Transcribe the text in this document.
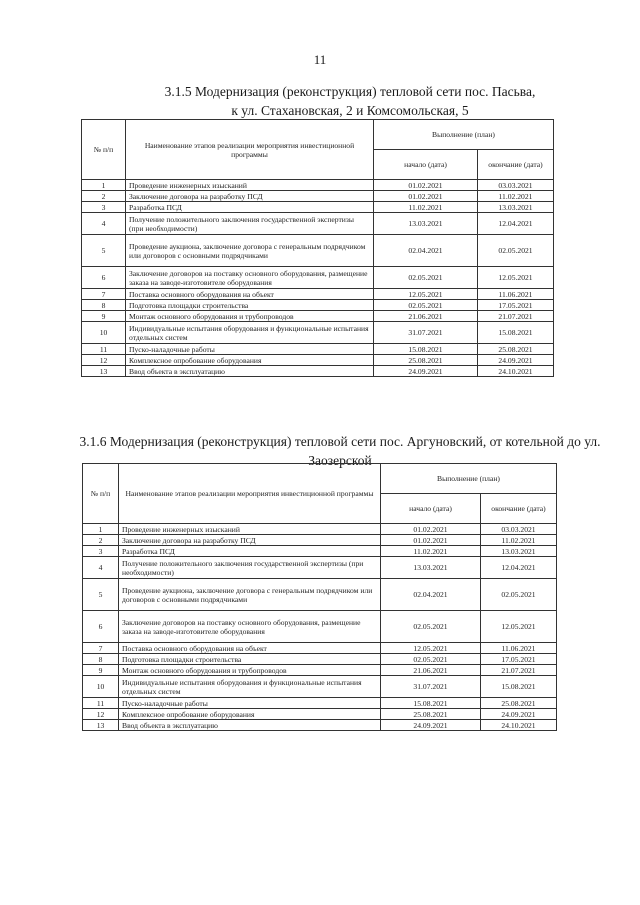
11
3.1.5 Модернизация (реконструкция) тепловой сети пос. Пасьва,
к ул. Стахановская, 2 и Комсомольская, 5
№ п/п	Наименование этапов реализации мероприятия инвестиционной программы	Выполнение (план)	
		начало (дата)	окончание (дата)
1	Проведение инженерных изысканий	01.02.2021	03.03.2021
2	Заключение договора на разработку ПСД	01.02.2021	11.02.2021
3	Разработка ПСД	11.02.2021	13.03.2021
4	Получение положительного заключения государственной экспертизы (при необходимости)	13.03.2021	12.04.2021
5	Проведение аукциона, заключение договора с генеральным подрядчиком или договоров с основными подрядчиками	02.04.2021	02.05.2021
6	Заключение договоров на поставку основного оборудования, размещение заказа на заводе-изготовителе оборудования	02.05.2021	12.05.2021
7	Поставка основного оборудования на объект	12.05.2021	11.06.2021
8	Подготовка площадки строительства	02.05.2021	17.05.2021
9	Монтаж основного оборудования и трубопроводов	21.06.2021	21.07.2021
10	Индивидуальные испытания оборудования и функциональные испытания отдельных систем	31.07.2021	15.08.2021
11	Пуско-наладочные работы	15.08.2021	25.08.2021
12	Комплексное опробование оборудования	25.08.2021	24.09.2021
13	Ввод объекта в эксплуатацию	24.09.2021	24.10.2021
3.1.6 Модернизация (реконструкция) тепловой сети пос. Аргуновский, от котельной до ул.
Заозерской
№ п/п	Наименование этапов реализации мероприятия инвестиционной программы	Выполнение (план)	
		начало (дата)	окончание (дата)
1	Проведение инженерных изысканий	01.02.2021	03.03.2021
2	Заключение договора на разработку ПСД	01.02.2021	11.02.2021
3	Разработка ПСД	11.02.2021	13.03.2021
4	Получение положительного заключения государственной экспертизы (при необходимости)	13.03.2021	12.04.2021
5	Проведение аукциона, заключение договора с генеральным подрядчиком или договоров с основными подрядчиками	02.04.2021	02.05.2021
6	Заключение договоров на поставку основного оборудования, размещение заказа на заводе-изготовителе оборудования	02.05.2021	12.05.2021
7	Поставка основного оборудования на объект	12.05.2021	11.06.2021
8	Подготовка площадки строительства	02.05.2021	17.05.2021
9	Монтаж основного оборудования и трубопроводов	21.06.2021	21.07.2021
10	Индивидуальные испытания оборудования и функциональные испытания отдельных систем	31.07.2021	15.08.2021
11	Пуско-наладочные работы	15.08.2021	25.08.2021
12	Комплексное опробование оборудования	25.08.2021	24.09.2021
13	Ввод объекта в эксплуатацию	24.09.2021	24.10.2021
